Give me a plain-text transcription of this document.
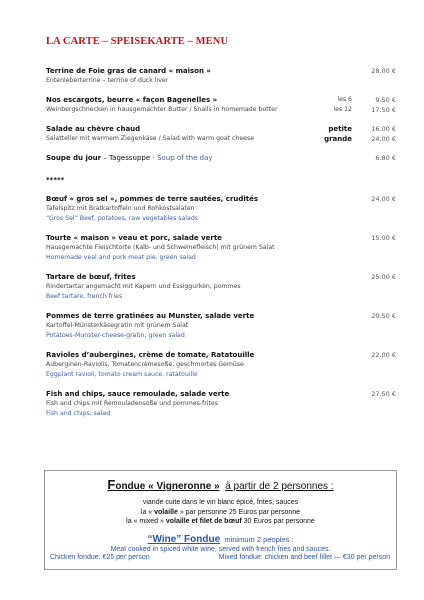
LA CARTE – SPEISEKARTE – MENU
Terrine de Foie gras de canard « maison »	28.00 €
Entenleberterrine – terrine of duck liver
Nos escargots, beurre « façon Bagenelles »	les 6	9.50 €
Weinbergschnecken in hausgemachter Butter / Snails in homemade butter	les 12	17.50 €
Salade au chèvre chaud	petite	16.00 €
Salatteller mit warmem Ziegenkäse / Salad with warm goat cheese	grande	24.00 €
Soupe du jour – Tagessuppe - Soup of the day	6.80 €
*****
Bœuf « gros sel », pommes de terre sautées, crudités	24.00 €
Tafelspitz mit Bratkartoffeln und Rohkostsalaten
“Gros Sel” Beef, potatoes, raw vegetables salads
Tourte « maison » veau et porc, salade verte	15.00 €
Hausgemachte Fleischtorte (Kalb- und Schweinefleisch) mit grünem Salat
Homemade veal and pork meat pie, green salad
Tartare de bœuf, frites	25.00 €
Rindertartar angemacht mit Kapern und Essiggurken, pommes
Beef tartare, french fries
Pommes de terre gratinées au Munster, salade verte	20.50 €
Kartoffel-Münsterkäsegratin mit grünem Salat
Potatoes-Munster-cheese-gratin, green salad
Ravioles d’aubergines, crème de tomate, Ratatouille	22.00 €
Auberginen-Raviolis, Tomatencrèmesoße, geschmortes Gemüse
Eggplant ravioli, tomato cream sauce, ratatouille
Fish and chips, sauce remoulade, salade verte	27.50 €
Fish and chips mit Remouladensoße und pommes-frites
Fish and chips, salad
Fondue « Vigneronne » à partir de 2 personnes :
viande cuite dans le vin blanc épicé, frites, sauces
la « volaille » par personne 25 Euros par personne
la « mixed » volaille et filet de bœuf 30 Euros par personne
“Wine” Fondue minimum 2 peoples :
Meat cooked in spiced white wine, served with french fries and sauces.
Chicken fondue: €25 per person	Mixed fondue: chicken and beef fillet — €30 per person
